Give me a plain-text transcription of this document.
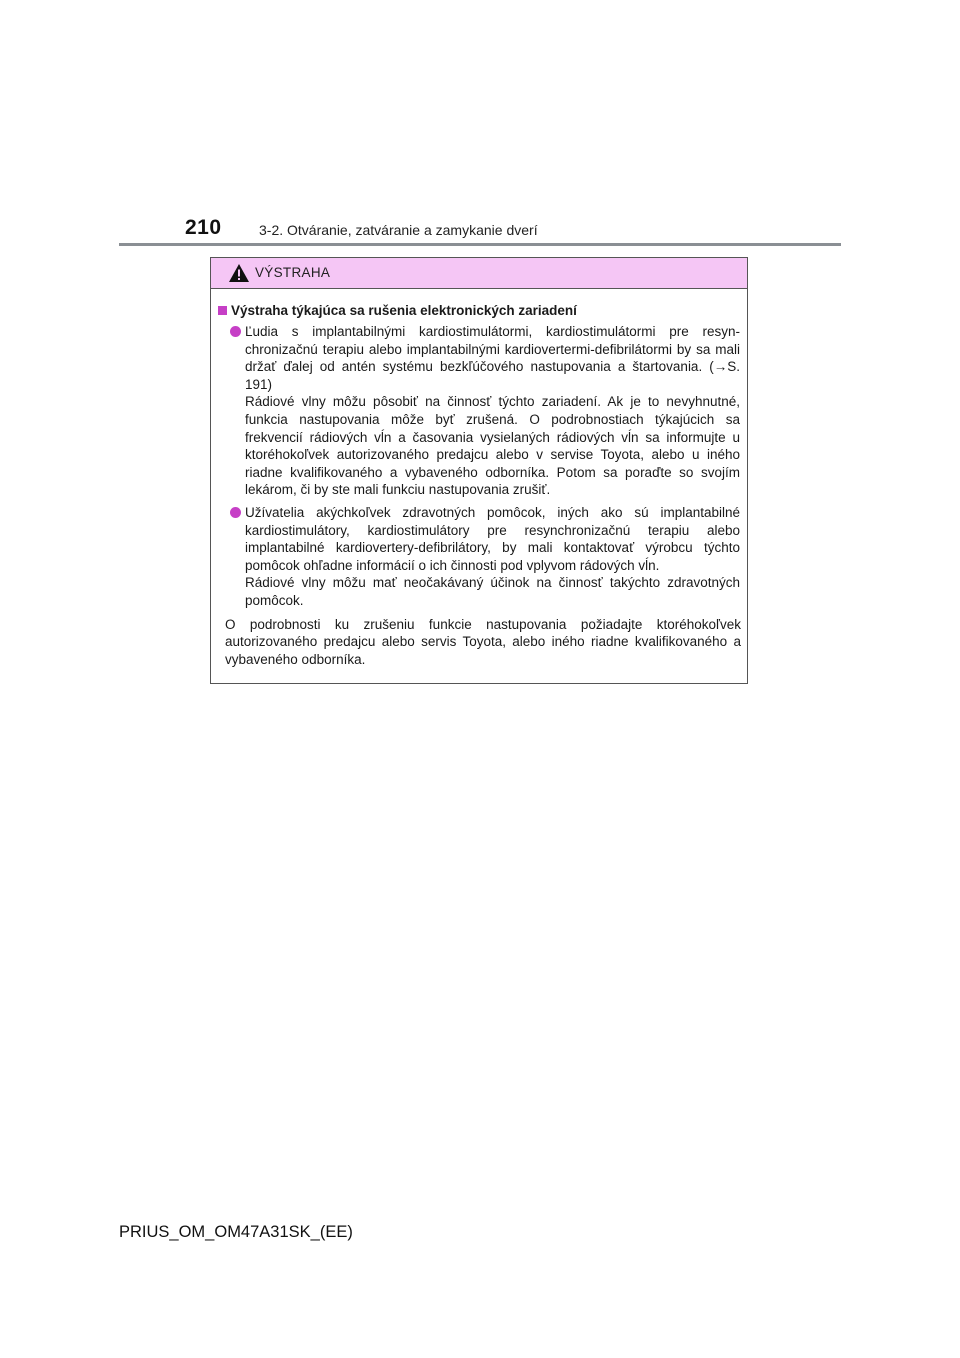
210	3-2. Otváranie, zatváranie a zamykanie dverí
VÝSTRAHA
Výstraha týkajúca sa rušenia elektronických zariadení
Ľudia s implantabilnými kardiostimulátormi, kardiostimulátormi pre resynchronizačnú terapiu alebo implantabilnými kardiovertermi-defibrilátormi by sa mali držať ďalej od antén systému bezkľúčového nastupovania a štartovania. (→S. 191)
Rádiové vlny môžu pôsobiť na činnosť týchto zariadení. Ak je to nevyhnutné, funkcia nastupovania môže byť zrušená. O podrobnostiach týkajúcich sa frekvencií rádiových vĺn a časovania vysielaných rádiových vĺn sa informujte u ktoréhokoľvek autorizovaného predajcu alebo v servise Toyota, alebo u iného riadne kvalifikovaného a vybaveného odborníka. Potom sa poraďte so svojím lekárom, či by ste mali funkciu nastupovania zrušiť.
Užívatelia akýchkoľvek zdravotných pomôcok, iných ako sú implantabilné kardiostimulátory, kardiostimulátory pre resynchronizačnú terapiu alebo implantabilné kardiovertery-defibrilátory, by mali kontaktovať výrobcu týchto pomôcok ohľadne informácií o ich činnosti pod vplyvom rádových vĺn.
Rádiové vlny môžu mať neočakávaný účinok na činnosť takýchto zdravotných pomôcok.
O podrobnosti ku zrušeniu funkcie nastupovania požiadajte ktoréhokoľvek autorizovaného predajcu alebo servis Toyota, alebo iného riadne kvalifikovaného a vybaveného odborníka.
PRIUS_OM_OM47A31SK_(EE)
